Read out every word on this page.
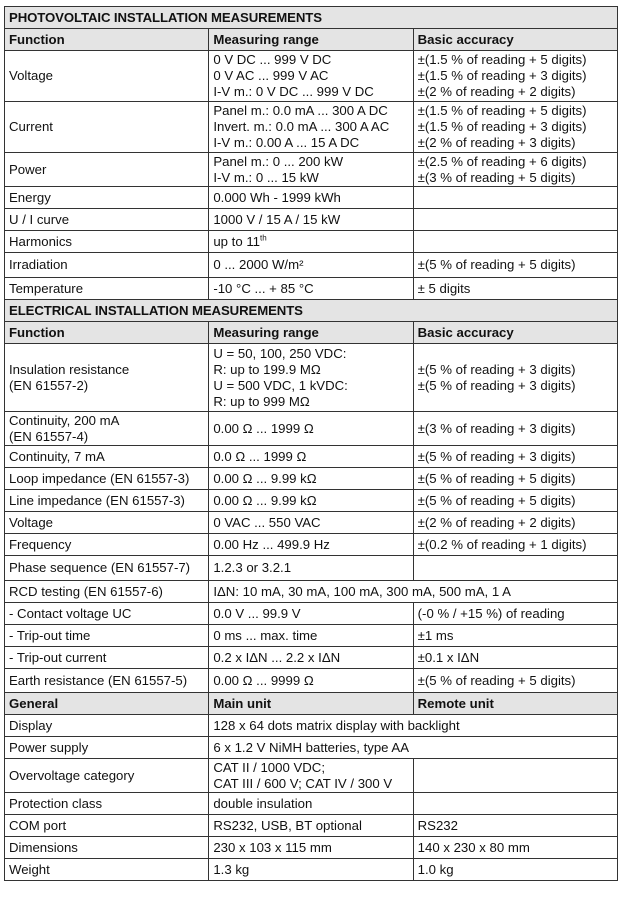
PHOTOVOLTAIC INSTALLATION MEASUREMENTS		

Function	Measuring range	Basic accuracy

Voltage	0 V DC ... 999 V DC
0 V AC ... 999 V AC
I-V m.: 0 V DC ... 999 V DC	±(1.5 % of reading + 5 digits)
±(1.5 % of reading + 3 digits)
±(2 % of reading + 2 digits)

Current	Panel m.: 0.0 mA ... 300 A DC
Invert. m.: 0.0 mA ... 300 A AC
I-V m.: 0.00 A ... 15 A DC	±(1.5 % of reading + 5 digits)
±(1.5 % of reading + 3 digits)
±(2 % of reading + 3 digits)

Power	Panel m.: 0 ... 200 kW
I-V m.: 0 ... 15 kW	±(2.5 % of reading + 6 digits)
±(3 % of reading + 5 digits)

Energy	0.000 Wh - 1999 kWh	

U / I curve	1000 V / 15 A / 15 kW	

Harmonics	up to 11th

Irradiation	0 ... 2000 W/m²	±(5 % of reading + 5 digits)

Temperature	-10 °C ... + 85 °C	± 5 digits

ELECTRICAL INSTALLATION MEASUREMENTS		

Function	Measuring range	Basic accuracy

Insulation resistance
(EN 61557-2)	U = 50, 100, 250 VDC:
R: up to 199.9 MΩ
U = 500 VDC, 1 kVDC:
R: up to 999 MΩ	±(5 % of reading + 3 digits)
±(5 % of reading + 3 digits)

Continuity, 200 mA
(EN 61557-4)	0.00 Ω ... 1999 Ω	±(3 % of reading + 3 digits)

Continuity, 7 mA	0.0 Ω ... 1999 Ω	±(5 % of reading + 3 digits)

Loop impedance (EN 61557-3)	0.00 Ω ... 9.99 kΩ	±(5 % of reading + 5 digits)

Line impedance (EN 61557-3)	0.00 Ω ... 9.99 kΩ	±(5 % of reading + 5 digits)

Voltage	0 VAC ... 550 VAC	±(2 % of reading + 2 digits)

Frequency	0.00 Hz ... 499.9 Hz	±(0.2 % of reading + 1 digits)

Phase sequence (EN 61557-7)	1.2.3 or 3.2.1	

RCD testing (EN 61557-6)	IΔN: 10 mA, 30 mA, 100 mA, 300 mA, 500 mA, 1 A	

- Contact voltage UC	0.0 V ... 99.9 V	(-0 % / +15 %) of reading

- Trip-out time	0 ms ... max. time	±1 ms

- Trip-out current	0.2 x IΔN ... 2.2 x IΔN	±0.1 x IΔN

Earth resistance (EN 61557-5)	0.00 Ω ... 9999 Ω	±(5 % of reading + 5 digits)

General	Main unit	Remote unit

Display	128 x 64 dots matrix display with backlight	

Power supply	6 x 1.2 V NiMH batteries, type AA	

Overvoltage category	CAT II / 1000 VDC;
CAT III / 600 V; CAT IV / 300 V	

Protection class	double insulation	

COM port	RS232, USB, BT optional	RS232

Dimensions	230 x 103 x 115 mm	140 x 230 x 80 mm

Weight	1.3 kg	1.0 kg
